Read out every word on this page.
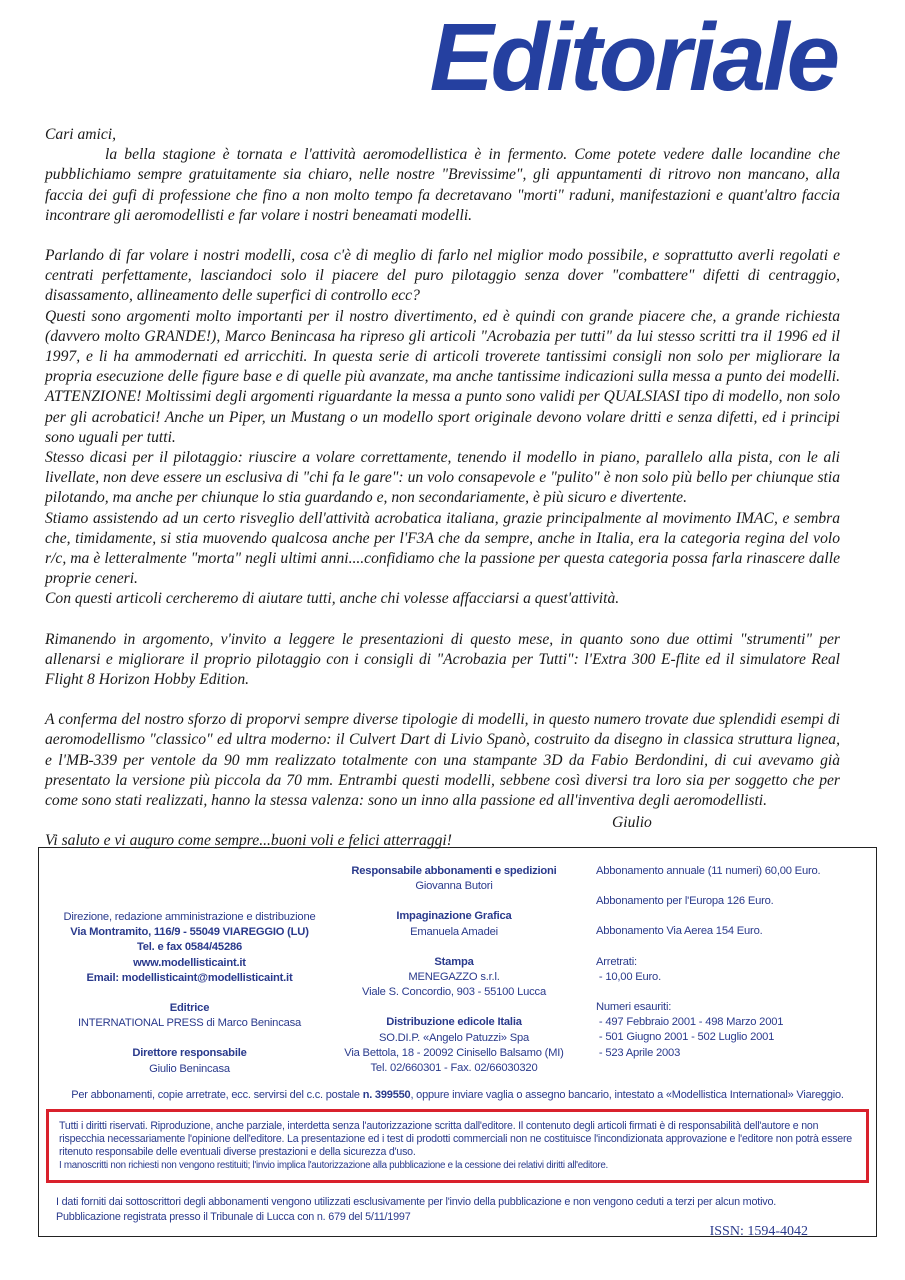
Editoriale

Cari amici,

la bella stagione è tornata e l'attività aeromodellistica è in fermento. Come potete vedere dalle locandine che pubblichiamo sempre gratuitamente sia chiaro, nelle nostre "Brevissime", gli appuntamenti di ritrovo non mancano, alla faccia dei gufi di professione che fino a non molto tempo fa decretavano "morti" raduni, manifestazioni e quant'altro faccia incontrare gli aeromodellisti e far volare i nostri beneamati modelli.

Parlando di far volare i nostri modelli, cosa c'è di meglio di farlo nel miglior modo possibile, e soprattutto averli regolati e centrati perfettamente, lasciandoci solo il piacere del puro pilotaggio senza dover "combattere" difetti di centraggio, disassamento, allineamento delle superfici di controllo ecc?

Questi sono argomenti molto importanti per il nostro divertimento, ed è quindi con grande piacere che, a grande richiesta (davvero molto GRANDE!), Marco Benincasa ha ripreso gli articoli "Acrobazia per tutti" da lui stesso scritti tra il 1996 ed il 1997, e li ha ammodernati ed arricchiti. In questa serie di articoli troverete tantissimi consigli non solo per migliorare la propria esecuzione delle figure base e di quelle più avanzate, ma anche tantissime indicazioni sulla messa a punto dei modelli. ATTENZIONE! Moltissimi degli argomenti riguardante la messa a punto sono validi per QUALSIASI tipo di modello, non solo per gli acrobatici! Anche un Piper, un Mustang o un modello sport originale devono volare dritti e senza difetti, ed i principi sono uguali per tutti.

Stesso dicasi per il pilotaggio: riuscire a volare correttamente, tenendo il modello in piano, parallelo alla pista, con le ali livellate, non deve essere un esclusiva di "chi fa le gare": un volo consapevole e "pulito" è non solo più bello per chiunque stia pilotando, ma anche per chiunque lo stia guardando e, non secondariamente, è più sicuro e divertente.

Stiamo assistendo ad un certo risveglio dell'attività acrobatica italiana, grazie principalmente al movimento IMAC, e sembra che, timidamente, si stia muovendo qualcosa anche per l'F3A che da sempre, anche in Italia, era la categoria regina del volo r/c, ma è letteralmente "morta" negli ultimi anni....confidiamo che la passione per questa categoria possa farla rinascere dalle proprie ceneri.

Con questi articoli cercheremo di aiutare tutti, anche chi volesse affacciarsi a quest'attività.

Rimanendo in argomento, v'invito a leggere le presentazioni di questo mese, in quanto sono due ottimi "strumenti" per allenarsi e migliorare il proprio pilotaggio con i consigli di "Acrobazia per Tutti": l'Extra 300 E-flite ed il simulatore Real Flight 8 Horizon Hobby Edition.

A conferma del nostro sforzo di proporvi sempre diverse tipologie di modelli, in questo numero trovate due splendidi esempi di aeromodellismo "classico" ed ultra moderno: il Culvert Dart di Livio Spanò, costruito da disegno in classica struttura lignea, e l'MB-339 per ventole da 90 mm realizzato totalmente con una stampante 3D da Fabio Berdondini, di cui avevamo già presentato la versione più piccola da 70 mm. Entrambi questi modelli, sebbene così diversi tra loro sia per soggetto che per come sono stati realizzati, hanno la stessa valenza: sono un inno alla passione ed all'inventiva degli aeromodellisti.

Vi saluto e vi auguro come sempre...buoni voli e felici atterraggi!

Giulio
Direzione, redazione amministrazione e distribuzione
Via Montramito, 116/9 - 55049 VIAREGGIO (LU)
Tel. e fax 0584/45286
www.modellisticaint.it
Email: modellisticaint@modellisticaint.it
Editrice
INTERNATIONAL PRESS di Marco Benincasa
Direttore responsabile
Giulio Benincasa
Responsabile abbonamenti e spedizioni
Giovanna Butori
Impaginazione Grafica
Emanuela Amadei
Stampa
MENEGAZZO s.r.l.
Viale S. Concordio, 903 - 55100 Lucca
Distribuzione edicole Italia
SO.DI.P. «Angelo Patuzzi» Spa
Via Bettola, 18 - 20092 Cinisello Balsamo (MI)
Tel. 02/660301 - Fax. 02/66030320
Abbonamento annuale (11 numeri) 60,00 Euro.
Abbonamento per l'Europa 126 Euro.
Abbonamento Via Aerea 154 Euro.
Arretrati:
- 10,00 Euro.
Numeri esauriti:
- 497 Febbraio 2001 - 498 Marzo 2001
- 501 Giugno 2001 - 502 Luglio 2001
- 523 Aprile 2003
Per abbonamenti, copie arretrate, ecc. servirsi del c.c. postale n. 399550, oppure inviare vaglia o assegno bancario, intestato a «Modellistica International» Viareggio.
Tutti i diritti riservati. Riproduzione, anche parziale, interdetta senza l'autorizzazione scritta dall'editore. Il contenuto degli articoli firmati è di responsabilità dell'autore e non rispecchia necessariamente l'opinione dell'editore. La presentazione ed i test di prodotti commerciali non ne costituisce l'incondizionata approvazione e l'editore non potrà essere ritenuto responsabile delle eventuali diverse prestazioni e della sicurezza d'uso.
I manoscritti non richiesti non vengono restituiti; l'invio implica l'autorizzazione alla pubblicazione e la cessione dei relativi diritti all'editore.
I dati forniti dai sottoscrittori degli abbonamenti vengono utilizzati esclusivamente per l'invio della pubblicazione e non vengono ceduti a terzi per alcun motivo.
Pubblicazione registrata presso il Tribunale di Lucca con n. 679 del 5/11/1997
ISSN: 1594-4042
